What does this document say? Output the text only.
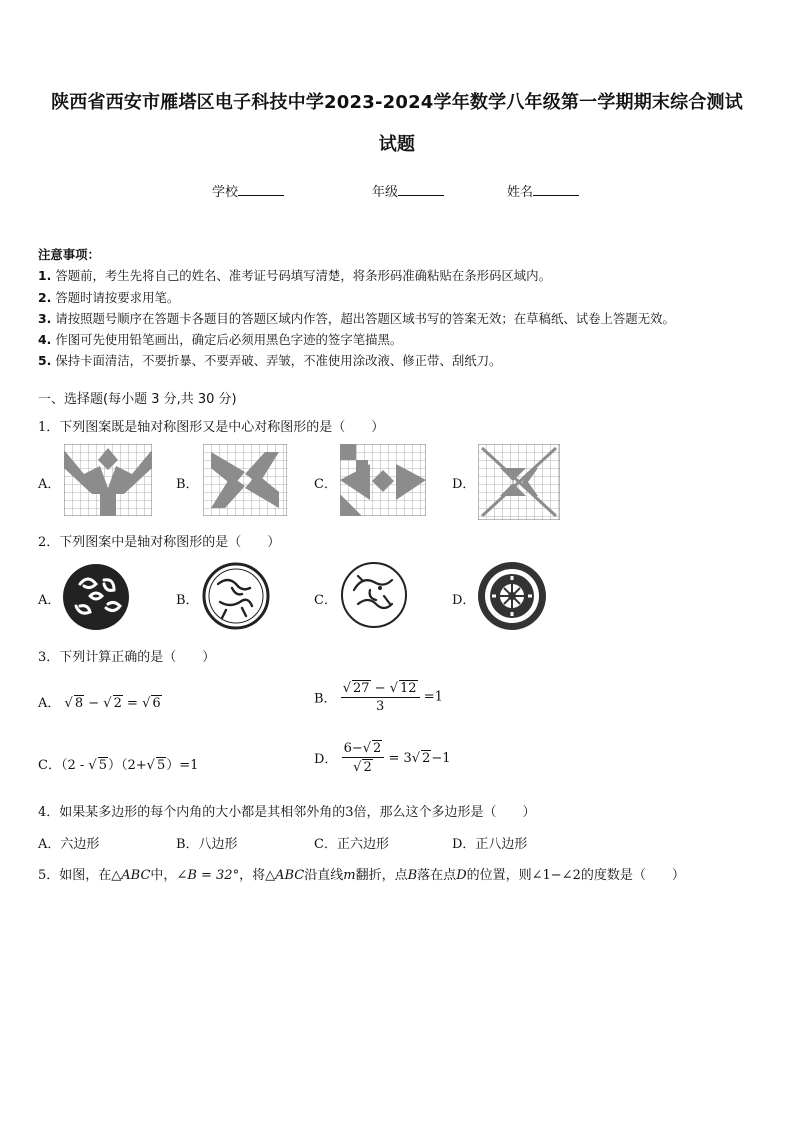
陕西省西安市雁塔区电子科技中学2023-2024学年数学八年级第一学期期末综合测试
试题
学校	年级	姓名
注意事项：
1. 答题前，考生先将自己的姓名、准考证号码填写清楚，将条形码准确粘贴在条形码区域内。
2. 答题时请按要求用笔。
3. 请按照题号顺序在答题卡各题目的答题区域内作答，超出答题区域书写的答案无效；在草稿纸、试卷上答题无效。
4. 作图可先使用铅笔画出，确定后必须用黑色字迹的签字笔描黑。
5. 保持卡面清洁，不要折暴、不要弄破、弄皱，不准使用涂改液、修正带、刮纸刀。
一、选择题(每小题 3 分,共 30 分)
1．下列图案既是轴对称图形又是中心对称图形的是（　　）
A．	B．	C．	D．
2．下列图案中是轴对称图形的是（　　）
A．	B．	C．	D．
3．下列计算正确的是（　　）
A． √ 8 − √ 2 = √ 6	B． $\frac{√ 27 - √ 12}{3} =1$
C．（2 - √ 5）（2+√ 5）=1	D． $\frac{6-√ 2}{√ 2} = 3√$ 2−1
4．如果某多边形的每个内角的大小都是其相邻外角的3倍，那么这个多边形是（　　）
A．六边形	B．八边形	C．正六边形	D．正八边形
5．如图，在△ABC中，∠B = 32°，将△ABC沿直线m翻折，点B落在点D的位置，则∠1−∠2的度数是（　　）
